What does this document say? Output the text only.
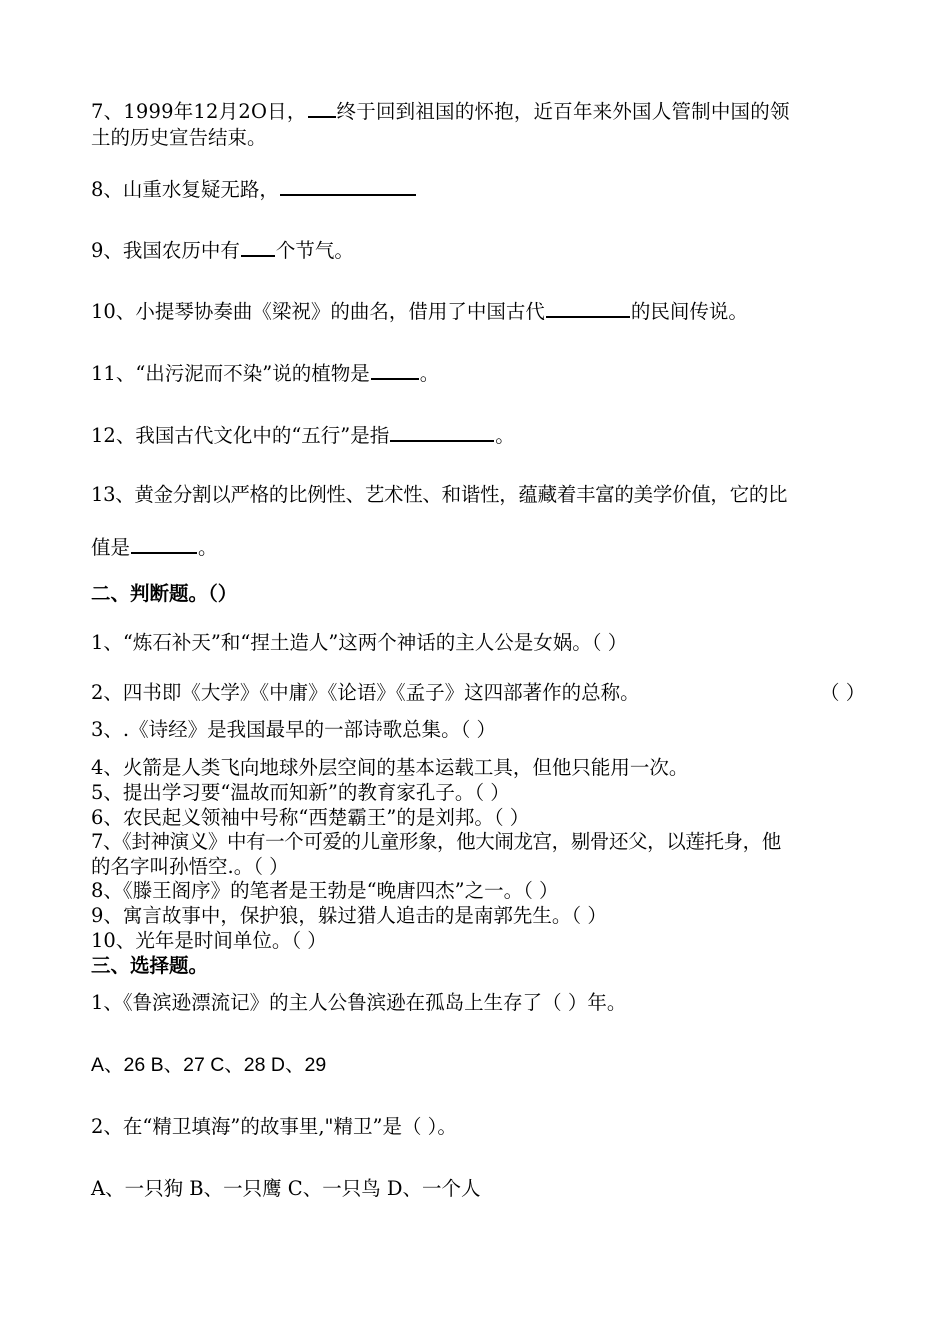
7、1999年12月2O日， 终于回到祖国的怀抱，近百年来外国人管制中国的领
土的历史宣告结束。
8、山重水复疑无路，
9、我国农历中有 个节气。
10、小提琴协奏曲《梁祝》的曲名，借用了中国古代	的民间传说。
11、“出污泥而不染”说的植物是	。
12、我国古代文化中的“五行”是指	。
13、黄金分割以严格的比例性、艺术性、和谐性，蕴藏着丰富的美学价值，它的比
值是	。
二、判断题。（）
1、“炼石补天”和“捏土造人”这两个神话的主人公是女娲。（ ）
2、四书即《大学》《中庸》《论语》《孟子》这四部著作的总称。	（ ）
3、.《诗经》是我国最早的一部诗歌总集。（ ）
4、火箭是人类飞向地球外层空间的基本运载工具，但他只能用一次。
5、提出学习要“温故而知新”的教育家孔子。（ ）
6、农民起义领袖中号称“西楚霸王”的是刘邦。（ ）
7、《封神演义》中有一个可爱的儿童形象，他大闹龙宫，剔骨还父，以莲托身，他
的名字叫孙悟空.。（ ）
8、《滕王阁序》的笔者是王勃是“晚唐四杰”之一。（ ）
9、寓言故事中，保护狼，躲过猎人追击的是南郭先生。（ ）
10、光年是时间单位。（ ）
三、选择题。
1、《鲁滨逊漂流记》的主人公鲁滨逊在孤岛上生存了（ ）年。
A、26 B、27 C、28 D、29
2、在“精卫填海”的故事里,"精卫”是（ ）。
A、一只狗 B、一只鹰 C、一只鸟 D、一个人
